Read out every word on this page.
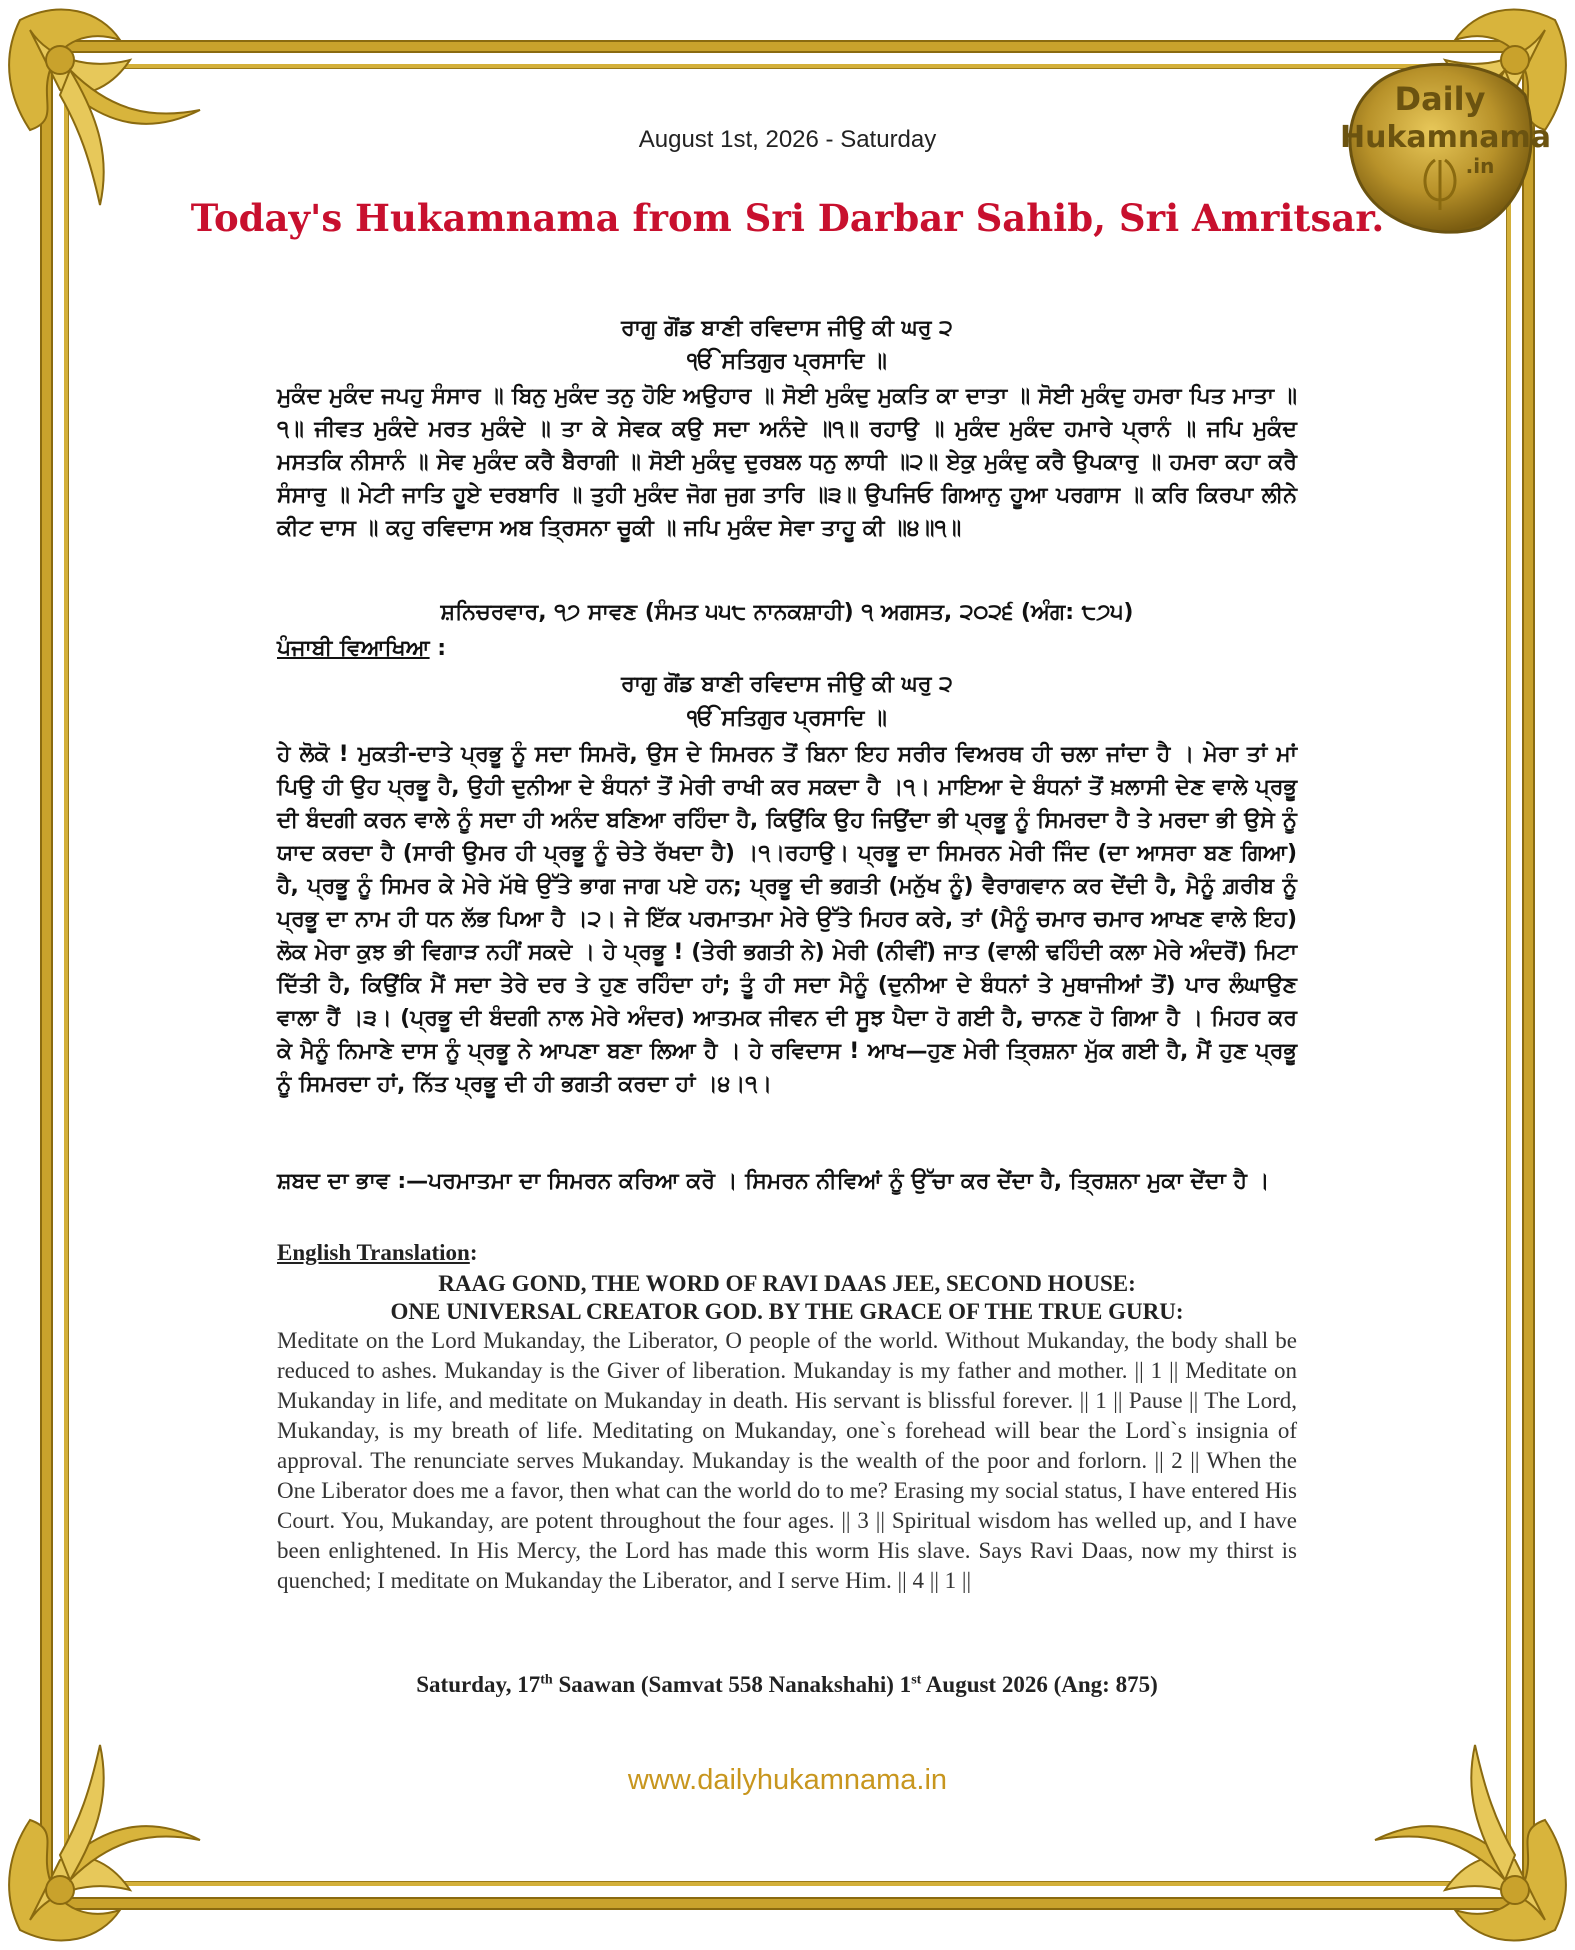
Daily
Hukamnama
.in
August 1st, 2026 - Saturday
Today's Hukamnama from Sri Darbar Sahib, Sri Amritsar.
ਰਾਗੁ ਗੋਂਡ ਬਾਣੀ ਰਵਿਦਾਸ ਜੀਉ ਕੀ ਘਰੁ ੨
ੴ ਸਤਿਗੁਰ ਪ੍ਰਸਾਦਿ ॥
ਮੁਕੰਦ ਮੁਕੰਦ ਜਪਹੁ ਸੰਸਾਰ ॥ ਬਿਨੁ ਮੁਕੰਦ ਤਨੁ ਹੋਇ ਅਉਹਾਰ ॥ ਸੋਈ ਮੁਕੰਦੁ ਮੁਕਤਿ ਕਾ ਦਾਤਾ ॥ ਸੋਈ ਮੁਕੰਦੁ ਹਮਰਾ ਪਿਤ ਮਾਤਾ ॥੧॥ ਜੀਵਤ ਮੁਕੰਦੇ ਮਰਤ ਮੁਕੰਦੇ ॥ ਤਾ ਕੇ ਸੇਵਕ ਕਉ ਸਦਾ ਅਨੰਦੇ ॥੧॥ ਰਹਾਉ ॥ ਮੁਕੰਦ ਮੁਕੰਦ ਹਮਾਰੇ ਪ੍ਰਾਨੰ ॥ ਜਪਿ ਮੁਕੰਦ ਮਸਤਕਿ ਨੀਸਾਨੰ ॥ ਸੇਵ ਮੁਕੰਦ ਕਰੈ ਬੈਰਾਗੀ ॥ ਸੋਈ ਮੁਕੰਦੁ ਦੁਰਬਲ ਧਨੁ ਲਾਧੀ ॥੨॥ ਏਕੁ ਮੁਕੰਦੁ ਕਰੈ ਉਪਕਾਰੁ ॥ ਹਮਰਾ ਕਹਾ ਕਰੈ ਸੰਸਾਰੁ ॥ ਮੇਟੀ ਜਾਤਿ ਹੂਏ ਦਰਬਾਰਿ ॥ ਤੁਹੀ ਮੁਕੰਦ ਜੋਗ ਜੁਗ ਤਾਰਿ ॥੩॥ ਉਪਜਿਓ ਗਿਆਨੁ ਹੂਆ ਪਰਗਾਸ ॥ ਕਰਿ ਕਿਰਪਾ ਲੀਨੇ ਕੀਟ ਦਾਸ ॥ ਕਹੁ ਰਵਿਦਾਸ ਅਬ ਤ੍ਰਿਸਨਾ ਚੂਕੀ ॥ ਜਪਿ ਮੁਕੰਦ ਸੇਵਾ ਤਾਹੂ ਕੀ ॥੪॥੧॥
ਸ਼ਨਿਚਰਵਾਰ, ੧੭ ਸਾਵਣ (ਸੰਮਤ ੫੫੮ ਨਾਨਕਸ਼ਾਹੀ) ੧ ਅਗਸਤ, ੨੦੨੬ (ਅੰਗ: ੮੭੫)
ਪੰਜਾਬੀ ਵਿਆਖਿਆ :
ਰਾਗੁ ਗੋਂਡ ਬਾਣੀ ਰਵਿਦਾਸ ਜੀਉ ਕੀ ਘਰੁ ੨
ੴ ਸਤਿਗੁਰ ਪ੍ਰਸਾਦਿ ॥
ਹੇ ਲੋਕੋ ! ਮੁਕਤੀ-ਦਾਤੇ ਪ੍ਰਭੂ ਨੂੰ ਸਦਾ ਸਿਮਰੋ, ਉਸ ਦੇ ਸਿਮਰਨ ਤੋਂ ਬਿਨਾ ਇਹ ਸਰੀਰ ਵਿਅਰਥ ਹੀ ਚਲਾ ਜਾਂਦਾ ਹੈ । ਮੇਰਾ ਤਾਂ ਮਾਂ ਪਿਉ ਹੀ ਉਹ ਪ੍ਰਭੂ ਹੈ, ਉਹੀ ਦੁਨੀਆ ਦੇ ਬੰਧਨਾਂ ਤੋਂ ਮੇਰੀ ਰਾਖੀ ਕਰ ਸਕਦਾ ਹੈ ।੧। ਮਾਇਆ ਦੇ ਬੰਧਨਾਂ ਤੋਂ ਖ਼ਲਾਸੀ ਦੇਣ ਵਾਲੇ ਪ੍ਰਭੂ ਦੀ ਬੰਦਗੀ ਕਰਨ ਵਾਲੇ ਨੂੰ ਸਦਾ ਹੀ ਅਨੰਦ ਬਣਿਆ ਰਹਿੰਦਾ ਹੈ, ਕਿਉਂਕਿ ਉਹ ਜਿਉਂਦਾ ਭੀ ਪ੍ਰਭੂ ਨੂੰ ਸਿਮਰਦਾ ਹੈ ਤੇ ਮਰਦਾ ਭੀ ਉਸੇ ਨੂੰ ਯਾਦ ਕਰਦਾ ਹੈ (ਸਾਰੀ ਉਮਰ ਹੀ ਪ੍ਰਭੂ ਨੂੰ ਚੇਤੇ ਰੱਖਦਾ ਹੈ) ।੧।ਰਹਾਉ। ਪ੍ਰਭੂ ਦਾ ਸਿਮਰਨ ਮੇਰੀ ਜਿੰਦ (ਦਾ ਆਸਰਾ ਬਣ ਗਿਆ) ਹੈ, ਪ੍ਰਭੂ ਨੂੰ ਸਿਮਰ ਕੇ ਮੇਰੇ ਮੱਥੇ ਉੱਤੇ ਭਾਗ ਜਾਗ ਪਏ ਹਨ; ਪ੍ਰਭੂ ਦੀ ਭਗਤੀ (ਮਨੁੱਖ ਨੂੰ) ਵੈਰਾਗਵਾਨ ਕਰ ਦੇਂਦੀ ਹੈ, ਮੈਨੂੰ ਗ਼ਰੀਬ ਨੂੰ ਪ੍ਰਭੂ ਦਾ ਨਾਮ ਹੀ ਧਨ ਲੱਭ ਪਿਆ ਹੈ ।੨। ਜੇ ਇੱਕ ਪਰਮਾਤਮਾ ਮੇਰੇ ਉੱਤੇ ਮਿਹਰ ਕਰੇ, ਤਾਂ (ਮੈਨੂੰ ਚਮਾਰ ਚਮਾਰ ਆਖਣ ਵਾਲੇ ਇਹ) ਲੋਕ ਮੇਰਾ ਕੁਝ ਭੀ ਵਿਗਾੜ ਨਹੀਂ ਸਕਦੇ । ਹੇ ਪ੍ਰਭੂ ! (ਤੇਰੀ ਭਗਤੀ ਨੇ) ਮੇਰੀ (ਨੀਵੀਂ) ਜਾਤ (ਵਾਲੀ ਢਹਿੰਦੀ ਕਲਾ ਮੇਰੇ ਅੰਦਰੋਂ) ਮਿਟਾ ਦਿੱਤੀ ਹੈ, ਕਿਉਂਕਿ ਮੈਂ ਸਦਾ ਤੇਰੇ ਦਰ ਤੇ ਹੁਣ ਰਹਿੰਦਾ ਹਾਂ; ਤੂੰ ਹੀ ਸਦਾ ਮੈਨੂੰ (ਦੁਨੀਆ ਦੇ ਬੰਧਨਾਂ ਤੇ ਮੁਥਾਜੀਆਂ ਤੋਂ) ਪਾਰ ਲੰਘਾਉਣ ਵਾਲਾ ਹੈਂ ।੩। (ਪ੍ਰਭੂ ਦੀ ਬੰਦਗੀ ਨਾਲ ਮੇਰੇ ਅੰਦਰ) ਆਤਮਕ ਜੀਵਨ ਦੀ ਸੂਝ ਪੈਦਾ ਹੋ ਗਈ ਹੈ, ਚਾਨਣ ਹੋ ਗਿਆ ਹੈ । ਮਿਹਰ ਕਰ ਕੇ ਮੈਨੂੰ ਨਿਮਾਣੇ ਦਾਸ ਨੂੰ ਪ੍ਰਭੂ ਨੇ ਆਪਣਾ ਬਣਾ ਲਿਆ ਹੈ । ਹੇ ਰਵਿਦਾਸ ! ਆਖ—ਹੁਣ ਮੇਰੀ ਤ੍ਰਿਸ਼ਨਾ ਮੁੱਕ ਗਈ ਹੈ, ਮੈਂ ਹੁਣ ਪ੍ਰਭੂ ਨੂੰ ਸਿਮਰਦਾ ਹਾਂ, ਨਿੱਤ ਪ੍ਰਭੂ ਦੀ ਹੀ ਭਗਤੀ ਕਰਦਾ ਹਾਂ ।੪।੧।
ਸ਼ਬਦ ਦਾ ਭਾਵ :—ਪਰਮਾਤਮਾ ਦਾ ਸਿਮਰਨ ਕਰਿਆ ਕਰੋ । ਸਿਮਰਨ ਨੀਵਿਆਂ ਨੂੰ ਉੱਚਾ ਕਰ ਦੇਂਦਾ ਹੈ, ਤ੍ਰਿਸ਼ਨਾ ਮੁਕਾ ਦੇਂਦਾ ਹੈ ।
English Translation:
RAAG GOND, THE WORD OF RAVI DAAS JEE, SECOND HOUSE:
ONE UNIVERSAL CREATOR GOD. BY THE GRACE OF THE TRUE GURU:
Meditate on the Lord Mukanday, the Liberator, O people of the world. Without Mukanday, the body shall be reduced to ashes. Mukanday is the Giver of liberation. Mukanday is my father and mother. || 1 || Meditate on Mukanday in life, and meditate on Mukanday in death. His servant is blissful forever. || 1 || Pause || The Lord, Mukanday, is my breath of life. Meditating on Mukanday, one`s forehead will bear the Lord`s insignia of approval. The renunciate serves Mukanday. Mukanday is the wealth of the poor and forlorn. || 2 || When the One Liberator does me a favor, then what can the world do to me? Erasing my social status, I have entered His Court. You, Mukanday, are potent throughout the four ages. || 3 || Spiritual wisdom has welled up, and I have been enlightened. In His Mercy, the Lord has made this worm His slave. Says Ravi Daas, now my thirst is quenched; I meditate on Mukanday the Liberator, and I serve Him. || 4 || 1 ||
Saturday, 17th Saawan (Samvat 558 Nanakshahi) 1st August 2026 (Ang: 875)
www.dailyhukamnama.in
